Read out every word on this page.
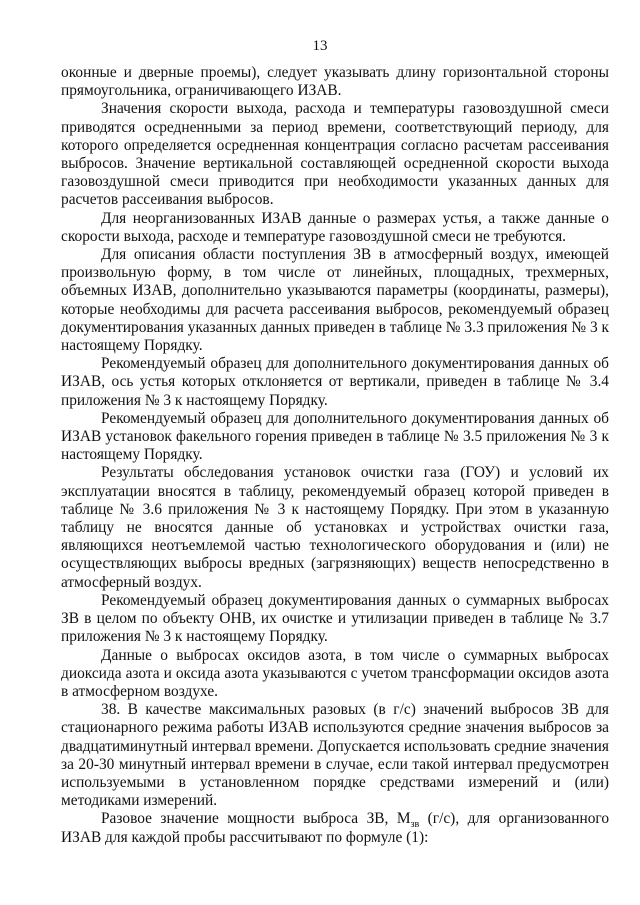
13

оконные и дверные проемы), следует указывать длину горизонтальной стороны прямоугольника, ограничивающего ИЗАВ.

Значения скорости выхода, расхода и температуры газовоздушной смеси приводятся осредненными за период времени, соответствующий периоду, для которого определяется осредненная концентрация согласно расчетам рассеивания выбросов. Значение вертикальной составляющей осредненной скорости выхода газовоздушной смеси приводится при необходимости указанных данных для расчетов рассеивания выбросов.

Для неорганизованных ИЗАВ данные о размерах устья, а также данные о скорости выхода, расходе и температуре газовоздушной смеси не требуются.

Для описания области поступления ЗВ в атмосферный воздух, имеющей произвольную форму, в том числе от линейных, площадных, трехмерных, объемных ИЗАВ, дополнительно указываются параметры (координаты, размеры), которые необходимы для расчета рассеивания выбросов, рекомендуемый образец документирования указанных данных приведен в таблице № 3.3 приложения № 3 к настоящему Порядку.

Рекомендуемый образец для дополнительного документирования данных об ИЗАВ, ось устья которых отклоняется от вертикали, приведен в таблице № 3.4 приложения № 3 к настоящему Порядку.

Рекомендуемый образец для дополнительного документирования данных об ИЗАВ установок факельного горения приведен в таблице № 3.5 приложения № 3 к настоящему Порядку.

Результаты обследования установок очистки газа (ГОУ) и условий их эксплуатации вносятся в таблицу, рекомендуемый образец которой приведен в таблице № 3.6 приложения № 3 к настоящему Порядку. При этом в указанную таблицу не вносятся данные об установках и устройствах очистки газа, являющихся неотъемлемой частью технологического оборудования и (или) не осуществляющих выбросы вредных (загрязняющих) веществ непосредственно в атмосферный воздух.

Рекомендуемый образец документирования данных о суммарных выбросах ЗВ в целом по объекту ОНВ, их очистке и утилизации приведен в таблице № 3.7 приложения № 3 к настоящему Порядку.

Данные о выбросах оксидов азота, в том числе о суммарных выбросах диоксида азота и оксида азота указываются с учетом трансформации оксидов азота в атмосферном воздухе.

38. В качестве максимальных разовых (в г/с) значений выбросов ЗВ для стационарного режима работы ИЗАВ используются средние значения выбросов за двадцатиминутный интервал времени. Допускается использовать средние значения за 20-30 минутный интервал времени в случае, если такой интервал предусмотрен используемыми в установленном порядке средствами измерений и (или) методиками измерений.

Разовое значение мощности выброса ЗВ, $М_{зв}$ (г/с), для организованного ИЗАВ для каждой пробы рассчитывают по формуле (1):
